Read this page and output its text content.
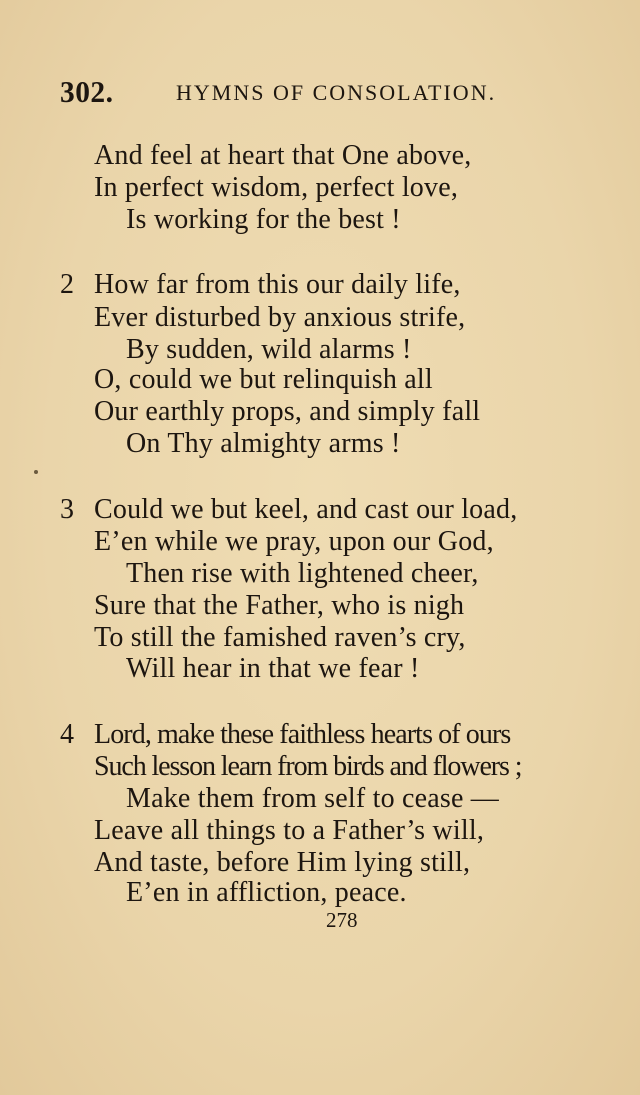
302.	HYMNS OF CONSOLATION.
And feel at heart that One above,
In perfect wisdom, perfect love,
Is working for the best !
2 How far from this our daily life,
Ever disturbed by anxious strife,
By sudden, wild alarms !
O, could we but relinquish all
Our earthly props, and simply fall
On Thy almighty arms !
3 Could we but keel, and cast our load,
E’en while we pray, upon our God,
Then rise with lightened cheer,
Sure that the Father, who is nigh
To still the famished raven’s cry,
Will hear in that we fear !
4 Lord, make these faithless hearts of ours
Such lesson learn from birds and flowers ;
Make them from self to cease —
Leave all things to a Father’s will,
And taste, before Him lying still,
E’en in affliction, peace.
278
